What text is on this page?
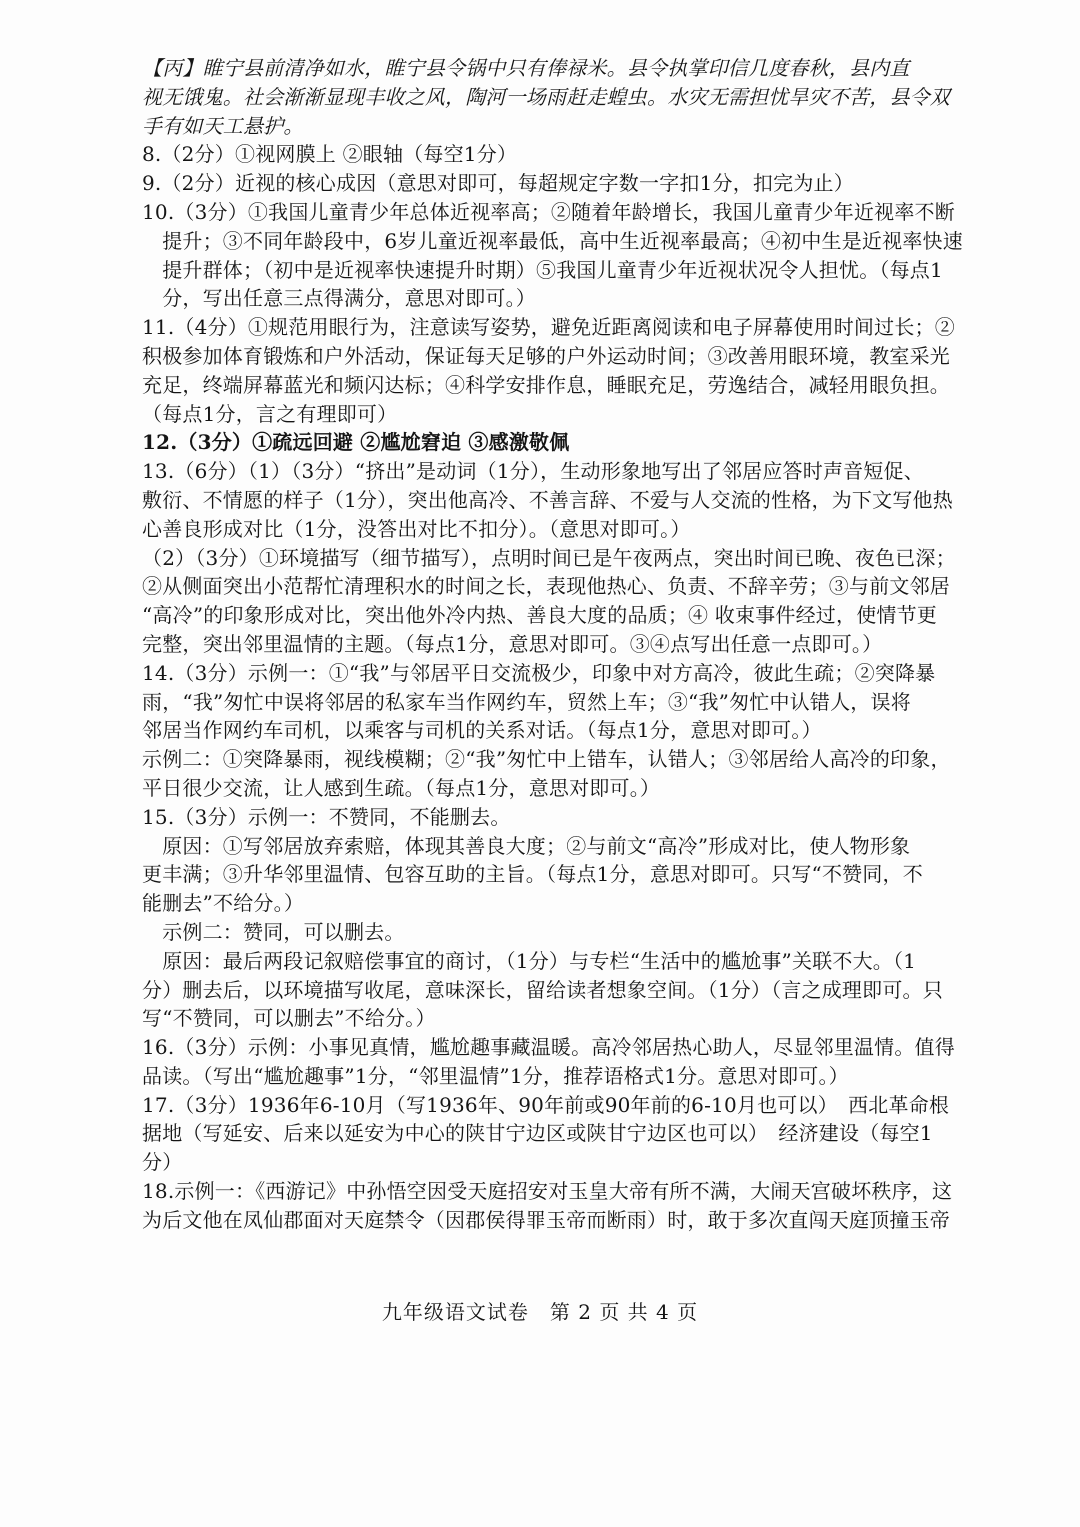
【丙】睢宁县前清净如水，睢宁县令锅中只有俸禄米。县令执掌印信几度春秋，县内直
视无饿鬼。社会渐渐显现丰收之风，陶河一场雨赶走蝗虫。水灾无需担忧旱灾不苦，县令双
手有如天工悬护。
8.（2分）①视网膜上 ②眼轴（每空1分）
9.（2分）近视的核心成因（意思对即可，每超规定字数一字扣1分，扣完为止）
10.（3分）①我国儿童青少年总体近视率高；②随着年龄增长，我国儿童青少年近视率不断
　提升；③不同年龄段中，6岁儿童近视率最低，高中生近视率最高；④初中生是近视率快速
　提升群体；（初中是近视率快速提升时期）⑤我国儿童青少年近视状况令人担忧。（每点1
　分，写出任意三点得满分，意思对即可。）
11.（4分）①规范用眼行为，注意读写姿势，避免近距离阅读和电子屏幕使用时间过长；②
积极参加体育锻炼和户外活动，保证每天足够的户外运动时间；③改善用眼环境，教室采光
充足，终端屏幕蓝光和频闪达标；④科学安排作息，睡眠充足，劳逸结合，减轻用眼负担。
（每点1分，言之有理即可）
12.（3分）①疏远回避 ②尴尬窘迫 ③感激敬佩
13.（6分）（1）（3分）“挤出”是动词（1分），生动形象地写出了邻居应答时声音短促、
敷衍、不情愿的样子（1分），突出他高冷、不善言辞、不爱与人交流的性格，为下文写他热
心善良形成对比（1分，没答出对比不扣分）。（意思对即可。）
（2）（3分）①环境描写（细节描写），点明时间已是午夜两点，突出时间已晚、夜色已深；
②从侧面突出小范帮忙清理积水的时间之长，表现他热心、负责、不辞辛劳；③与前文邻居
“高冷”的印象形成对比，突出他外冷内热、善良大度的品质；④ 收束事件经过，使情节更
完整，突出邻里温情的主题。（每点1分，意思对即可。③④点写出任意一点即可。）
14.（3分）示例一：①“我”与邻居平日交流极少，印象中对方高冷，彼此生疏；②突降暴
雨，“我”匆忙中误将邻居的私家车当作网约车，贸然上车；③“我”匆忙中认错人，误将
邻居当作网约车司机，以乘客与司机的关系对话。（每点1分，意思对即可。）
示例二：①突降暴雨，视线模糊；②“我”匆忙中上错车，认错人；③邻居给人高冷的印象，
平日很少交流，让人感到生疏。（每点1分，意思对即可。）
15.（3分）示例一：不赞同，不能删去。
　原因：①写邻居放弃索赔，体现其善良大度；②与前文“高冷”形成对比，使人物形象
更丰满；③升华邻里温情、包容互助的主旨。（每点1分，意思对即可。只写“不赞同，不
能删去”不给分。）
　示例二：赞同，可以删去。
　原因：最后两段记叙赔偿事宜的商讨，（1分）与专栏“生活中的尴尬事”关联不大。（1
分）删去后，以环境描写收尾，意味深长，留给读者想象空间。（1分）（言之成理即可。只
写“不赞同，可以删去”不给分。）
16.（3分）示例：小事见真情，尴尬趣事藏温暖。高冷邻居热心助人，尽显邻里温情。值得
品读。（写出“尴尬趣事”1分，“邻里温情”1分，推荐语格式1分。意思对即可。）
17.（3分）1936年6-10月（写1936年、90年前或90年前的6-10月也可以）　西北革命根
据地（写延安、后来以延安为中心的陕甘宁边区或陕甘宁边区也可以）　经济建设（每空1
分）
18.示例一：《西游记》中孙悟空因受天庭招安对玉皇大帝有所不满，大闹天宫破坏秩序，这
为后文他在凤仙郡面对天庭禁令（因郡侯得罪玉帝而断雨）时，敢于多次直闯天庭顶撞玉帝
九年级语文试卷　第 2 页 共 4 页
